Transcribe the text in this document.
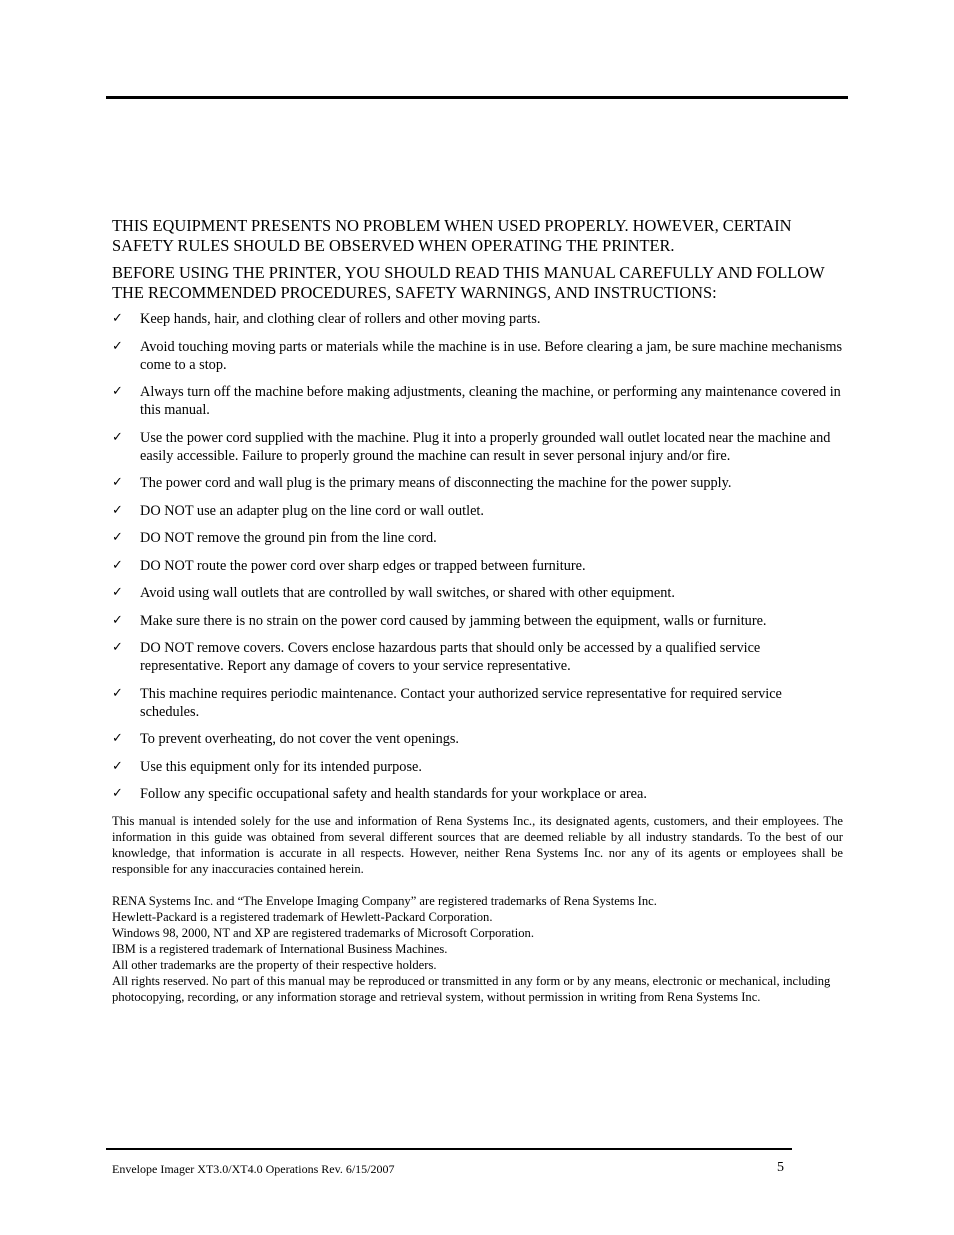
THIS EQUIPMENT PRESENTS NO PROBLEM WHEN USED PROPERLY. HOWEVER, CERTAIN SAFETY RULES SHOULD BE OBSERVED WHEN OPERATING THE PRINTER.

BEFORE USING THE PRINTER, YOU SHOULD READ THIS MANUAL CAREFULLY AND FOLLOW THE RECOMMENDED PROCEDURES, SAFETY WARNINGS, AND INSTRUCTIONS:

✓ Keep hands, hair, and clothing clear of rollers and other moving parts.
✓ Avoid touching moving parts or materials while the machine is in use. Before clearing a jam, be sure machine mechanisms come to a stop.
✓ Always turn off the machine before making adjustments, cleaning the machine, or performing any maintenance covered in this manual.
✓ Use the power cord supplied with the machine. Plug it into a properly grounded wall outlet located near the machine and easily accessible. Failure to properly ground the machine can result in sever personal injury and/or fire.
✓ The power cord and wall plug is the primary means of disconnecting the machine for the power supply.
✓ DO NOT use an adapter plug on the line cord or wall outlet.
✓ DO NOT remove the ground pin from the line cord.
✓ DO NOT route the power cord over sharp edges or trapped between furniture.
✓ Avoid using wall outlets that are controlled by wall switches, or shared with other equipment.
✓ Make sure there is no strain on the power cord caused by jamming between the equipment, walls or furniture.
✓ DO NOT remove covers. Covers enclose hazardous parts that should only be accessed by a qualified service representative. Report any damage of covers to your service representative.
✓ This machine requires periodic maintenance. Contact your authorized service representative for required service schedules.
✓ To prevent overheating, do not cover the vent openings.
✓ Use this equipment only for its intended purpose.
✓ Follow any specific occupational safety and health standards for your workplace or area.

This manual is intended solely for the use and information of Rena Systems Inc., its designated agents, customers, and their employees. The information in this guide was obtained from several different sources that are deemed reliable by all industry standards. To the best of our knowledge, that information is accurate in all respects. However, neither Rena Systems Inc. nor any of its agents or employees shall be responsible for any inaccuracies contained herein.

RENA Systems Inc. and “The Envelope Imaging Company” are registered trademarks of Rena Systems Inc.
Hewlett-Packard is a registered trademark of Hewlett-Packard Corporation.
Windows 98, 2000, NT and XP are registered trademarks of Microsoft Corporation.
IBM is a registered trademark of International Business Machines.
All other trademarks are the property of their respective holders.
All rights reserved. No part of this manual may be reproduced or transmitted in any form or by any means, electronic or mechanical, including photocopying, recording, or any information storage and retrieval system, without permission in writing from Rena Systems Inc.
Envelope Imager XT3.0/XT4.0 Operations Rev. 6/15/2007	5
